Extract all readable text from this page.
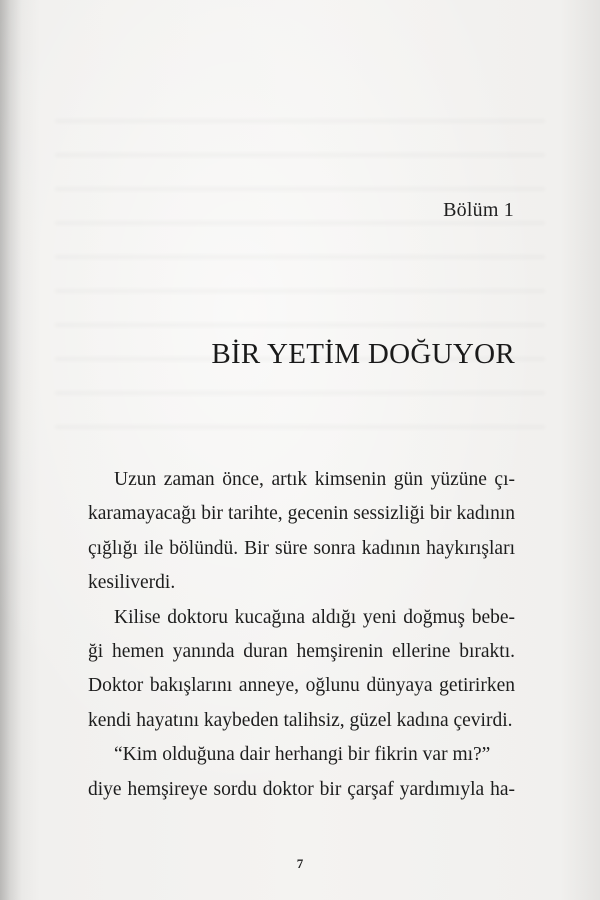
Bölüm 1
BİR YETİM DOĞUYOR

Uzun zaman önce, artık kimsenin gün yüzüne çı-
karamayacağı bir tarihte, gecenin sessizliği bir kadının
çığlığı ile bölündü. Bir süre sonra kadının haykırışları
kesiliverdi.

Kilise doktoru kucağına aldığı yeni doğmuş bebe-
ği hemen yanında duran hemşirenin ellerine bıraktı.
Doktor bakışlarını anneye, oğlunu dünyaya getirirken
kendi hayatını kaybeden talihsiz, güzel kadına çevirdi.

“Kim olduğuna dair herhangi bir fikrin var mı?”
diye hemşireye sordu doktor bir çarşaf yardımıyla ha-

7
